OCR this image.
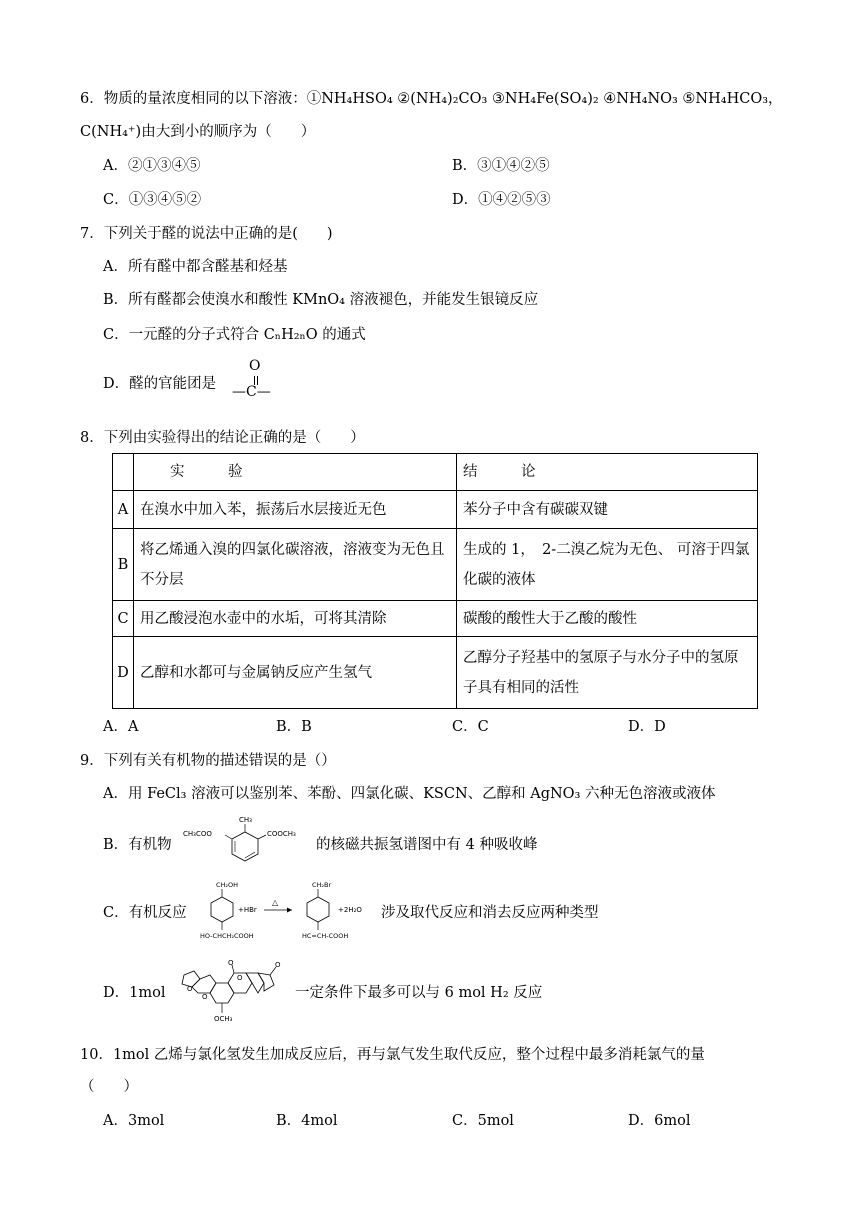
6．物质的量浓度相同的以下溶液：①NH₄HSO₄ ②(NH₄)₂CO₃ ③NH₄Fe(SO₄)₂ ④NH₄NO₃ ⑤NH₄HCO₃，
C(NH₄⁺)由大到小的顺序为（　　）
A．②①③④⑤	B．③①④②⑤
C．①③④⑤②	D．①④②⑤③
7．下列关于醛的说法中正确的是(　　)
A．所有醛中都含醛基和烃基
B．所有醛都会使溴水和酸性 KMnO₄ 溶液褪色，并能发生银镜反应
C．一元醛的分子式符合 CₙH₂ₙO 的通式
D．醛的官能团是
O
—C—
8．下列由实验得出的结论正确的是（　　）
	实　　　验	结　　　论
A	在溴水中加入苯，振荡后水层接近无色	苯分子中含有碳碳双键
B	将乙烯通入溴的四氯化碳溶液，溶液变为无色且不分层	生成的 1，　2-二溴乙烷为无色、 可溶于四氯化碳的液体
C	用乙酸浸泡水壶中的水垢，可将其清除	碳酸的酸性大于乙酸的酸性
D	乙醇和水都可与金属钠反应产生氢气	乙醇分子羟基中的氢原子与水分子中的氢原子具有相同的活性
A．A	B．B	C．C	D．D
9．下列有关有机物的描述错误的是（）
A．用 FeCl₃ 溶液可以鉴别苯、苯酚、四氯化碳、KSCN、乙醇和 AgNO₃ 六种无色溶液或液体
B．有机物
CH₃
CH₃COO	COOCH₃
的核磁共振氢谱图中有 4 种吸收峰
C．有机反应
CH₂OH
HO-CHCH₂COOH
+HBr
△
CH₂Br
HC=CH-COOH
+2H₂O 涉及取代反应和消去反应两种类型
D．1mol	O
O
O
O	O
OCH₃
一定条件下最多可以与 6 mol H₂ 反应
10．1mol 乙烯与氯化氢发生加成反应后，再与氯气发生取代反应，整个过程中最多消耗氯气的量
（　　）
A．3mol	B．4mol	C．5mol	D．6mol
